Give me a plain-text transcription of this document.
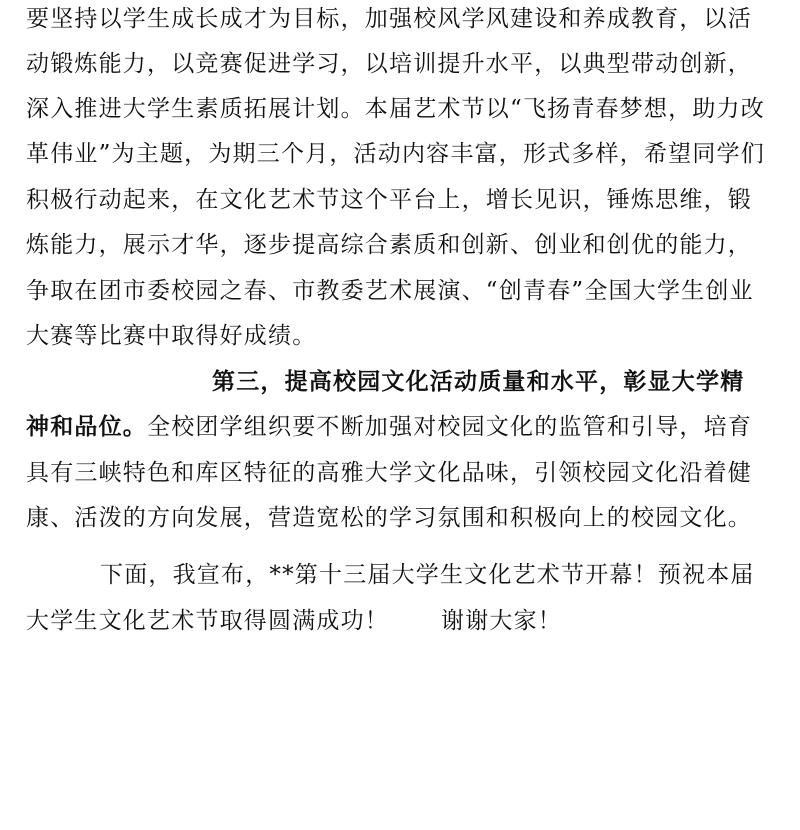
要坚持以学生成长成才为目标，加强校风学风建设和养成教育，以活
动锻炼能力，以竞赛促进学习，以培训提升水平，以典型带动创新，
深入推进大学生素质拓展计划。本届艺术节以“飞扬青春梦想，助力改
革伟业”为主题，为期三个月，活动内容丰富，形式多样，希望同学们
积极行动起来，在文化艺术节这个平台上，增长见识，锤炼思维，锻
炼能力，展示才华，逐步提高综合素质和创新、创业和创优的能力，
争取在团市委校园之春、市教委艺术展演、“创青春”全国大学生创业
大赛等比赛中取得好成绩。
第三，提高校园文化活动质量和水平，彰显大学精
神和品位。全校团学组织要不断加强对校园文化的监管和引导，培育
具有三峡特色和库区特征的高雅大学文化品味，引领校园文化沿着健
康、活泼的方向发展，营造宽松的学习氛围和积极向上的校园文化。
下面，我宣布，**第十三届大学生文化艺术节开幕！预祝本届
大学生文化艺术节取得圆满成功！ 谢谢大家！
